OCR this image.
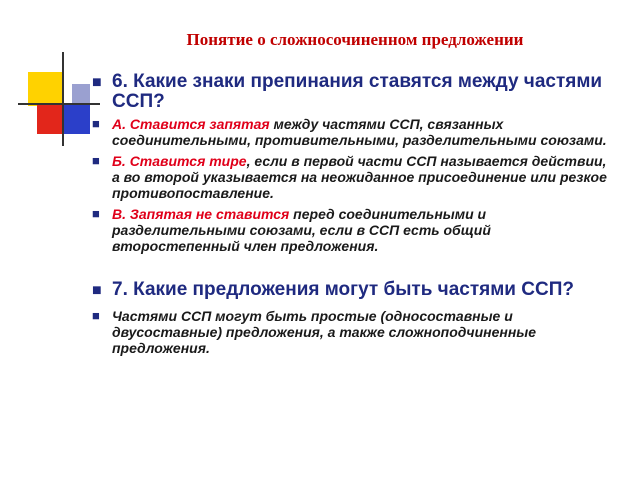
Понятие о сложносочиненном предложении
■ 6. Какие знаки препинания ставятся между частями ССП?
■ А. Ставится запятая между частями ССП, связанных соединительными, противительными, разделительными союзами.
■ Б. Ставится тире, если в первой части ССП называется действии, а во второй указывается на неожиданное присоединение или резкое противопоставление.
■ В. Запятая не ставится перед соединительными и разделительными союзами, если в ССП есть общий второстепенный член предложения.
■ 7. Какие предложения могут быть частями ССП?
■ Частями ССП могут быть простые (односоставные и двусоставные) предложения, а также сложноподчиненные предложения.
